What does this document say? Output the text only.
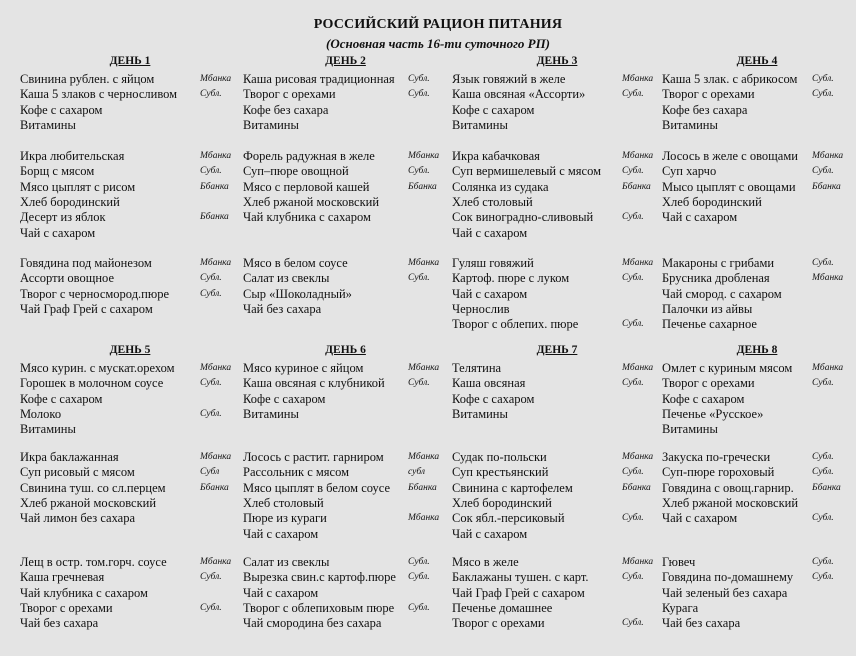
РОССИЙСКИЙ РАЦИОН ПИТАНИЯ
(Основная часть 16-ти суточного РП)
ДЕНЬ 1
Свинина рублен. с яйцом	Мбанка
Каша 5 злаков с черносливом Субл.
Кофе с сахаром
Витамины
Икра любительская	Мбанка
Борщ с мясом	Субл.
Мясо цыплят с рисом	Ббанка
Хлеб бородинский
Десерт из яблок	Ббанка
Чай с сахаром
Говядина под майонезом	Мбанка
Ассорти овощное	Субл.
Творог с черносмород.пюре	Субл.
Чай Граф Грей с сахаром
ДЕНЬ 2
Каша рисовая традиционная Субл.
Творог с орехами	Субл.
Кофе без сахара
Витамины
Форель радужная в желе	Мбанка
Суп–пюре овощной	Субл.
Мясо с перловой кашей	Ббанка
Хлеб ржаной московский
Чай клубника с сахаром
Мясо в белом соусе	Мбанка
Салат из свеклы	Субл.
Сыр «Шоколадный»
Чай без сахара
ДЕНЬ 3
Язык говяжий в желе	Мбанка
Каша овсяная «Ассорти»	Субл.
Кофе с сахаром
Витамины
Икра кабачковая	Мбанка
Суп вермишелевый с мясом Субл.
Солянка из судака	Ббанка
Хлеб столовый
Сок виноградно-сливовый	Субл.
Чай с сахаром
Гуляш говяжий	Мбанка
Картоф. пюре с луком	Субл.
Чай с сахаром
Чернослив
Творог с облепих. пюре	Субл.
ДЕНЬ 4
Каша 5 злак. с абрикосом Субл.
Творог с орехами	Субл.
Кофе без сахара
Витамины
Лосось в желе с овощами Мбанка
Суп харчо	Субл.
Мысо цыплят с овощами Ббанка
Хлеб бородинский
Чай с сахаром
Макароны с грибами	Субл.
Брусника дробленая	Мбанка
Чай смород. с сахаром
Палочки из айвы
Печенье сахарное
ДЕНЬ 5
Мясо курин. с мускат.орехом	Мбанка
Горошек в молочном соусе	Субл.
Кофе с сахаром
Молоко	Субл.
Витамины
Икра баклажанная	Мбанка
Суп рисовый с мясом	Субл
Свинина туш. со сл.перцем	Ббанка
Хлеб ржаной московский
Чай лимон без сахара
Лещ в остр. том.горч. соусе	Мбанка
Каша гречневая	Субл.
Чай клубника с сахаром
Творог с орехами	Субл.
Чай без сахара
ДЕНЬ 6
Мясо куриное с яйцом	Мбанка
Каша овсяная с клубникой Субл.
Кофе с сахаром
Витамины
Лосось с растит. гарниром	Мбанка
Рассольник с мясом	субл
Мясо цыплят в белом соусе Ббанка
Хлеб столовый
Пюре из кураги	Мбанка
Чай с сахаром
Салат из свеклы	Субл.
Вырезка свин.с картоф.пюре Субл.
Чай с сахаром
Творог с облепиховым пюре Субл.
Чай смородина без сахара
ДЕНЬ 7
Телятина	Мбанка
Каша овсяная	Субл.
Кофе с сахаром
Витамины
Судак по-польски	Мбанка
Суп крестьянский	Субл.
Свинина с картофелем	Ббанка
Хлеб бородинский
Сок ябл.-персиковый	Субл.
Чай с сахаром
Мясо в желе	Мбанка
Баклажаны тушен. с карт.	Субл.
Чай Граф Грей с сахаром
Печенье домашнее
Творог с орехами	Субл.
ДЕНЬ 8
Омлет с куриным мясом Мбанка
Творог с орехами	Субл.
Кофе с сахаром
Печенье «Русское»
Витамины
Закуска по-гречески	Субл.
Суп-пюре гороховый	Субл.
Говядина с овощ.гарнир. Ббанка
Хлеб ржаной московский
Чай с сахаром	Субл.
Гювеч	Субл.
Говядина по-домашнему Субл.
Чай зеленый без сахара
Курага
Чай без сахара
